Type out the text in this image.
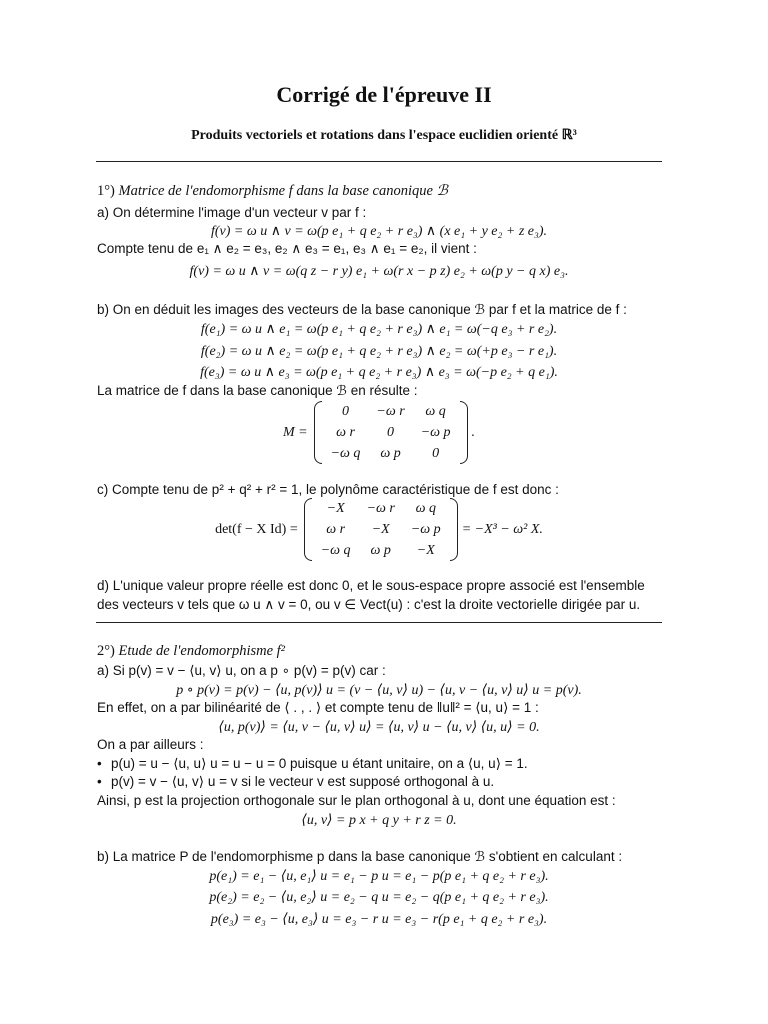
Corrigé de l'épreuve II
Produits vectoriels et rotations dans l'espace euclidien orienté ℝ³
1°) Matrice de l'endomorphisme f dans la base canonique ℬ
a) On détermine l'image d'un vecteur v par f :
f(v) = ω u ∧ v = ω(p e₁ + q e₂ + r e₃) ∧ (x e₁ + y e₂ + z e₃).
Compte tenu de e₁ ∧ e₂ = e₃, e₂ ∧ e₃ = e₁, e₃ ∧ e₁ = e₂, il vient :
f(v) = ω u ∧ v = ω(q z − r y) e₁ + ω(r x − p z) e₂ + ω(p y − q x) e₃.
b) On en déduit les images des vecteurs de la base canonique ℬ par f et la matrice de f :
f(e₁) = ω u ∧ e₁ = ω(p e₁ + q e₂ + r e₃) ∧ e₁ = ω(−q e₃ + r e₂).
f(e₂) = ω u ∧ e₂ = ω(p e₁ + q e₂ + r e₃) ∧ e₂ = ω(+p e₃ − r e₁).
f(e₃) = ω u ∧ e₃ = ω(p e₁ + q e₂ + r e₃) ∧ e₃ = ω(−p e₂ + q e₁).
La matrice de f dans la base canonique ℬ en résulte :
M =
0	−ω r	ω q
ω r	0	−ω p
−ω q	ω p	0
.
c) Compte tenu de p² + q² + r² = 1, le polynôme caractéristique de f est donc :
det(f − X Id) =
−X	−ω r	ω q
ω r	−X	−ω p
−ω q	ω p	−X
= −X³ − ω² X.
d) L'unique valeur propre réelle est donc 0, et le sous-espace propre associé est l'ensemble
des vecteurs v tels que ω u ∧ v = 0, ou v ∈ Vect(u) : c'est la droite vectorielle dirigée par u.
2°) Etude de l'endomorphisme f²
a) Si p(v) = v − ⟨u, v⟩ u, on a p ∘ p(v) = p(v) car :
p ∘ p(v) = p(v) − ⟨u, p(v)⟩ u = (v − ⟨u, v⟩ u) − ⟨u, v − ⟨u, v⟩ u⟩ u = p(v).
En effet, on a par bilinéarité de ⟨ . , . ⟩ et compte tenu de ‖u‖² = ⟨u, u⟩ = 1 :
⟨u, p(v)⟩ = ⟨u, v − ⟨u, v⟩ u⟩ = ⟨u, v⟩ u − ⟨u, v⟩ ⟨u, u⟩ = 0.
On a par ailleurs :
• p(u) = u − ⟨u, u⟩ u = u − u = 0 puisque u étant unitaire, on a ⟨u, u⟩ = 1.
• p(v) = v − ⟨u, v⟩ u = v si le vecteur v est supposé orthogonal à u.
Ainsi, p est la projection orthogonale sur le plan orthogonal à u, dont une équation est :
⟨u, v⟩ = p x + q y + r z = 0.
b) La matrice P de l'endomorphisme p dans la base canonique ℬ s'obtient en calculant :
p(e₁) = e₁ − ⟨u, e₁⟩ u = e₁ − p u = e₁ − p(p e₁ + q e₂ + r e₃).
p(e₂) = e₂ − ⟨u, e₂⟩ u = e₂ − q u = e₂ − q(p e₁ + q e₂ + r e₃).
p(e₃) = e₃ − ⟨u, e₃⟩ u = e₃ − r u = e₃ − r(p e₁ + q e₂ + r e₃).
